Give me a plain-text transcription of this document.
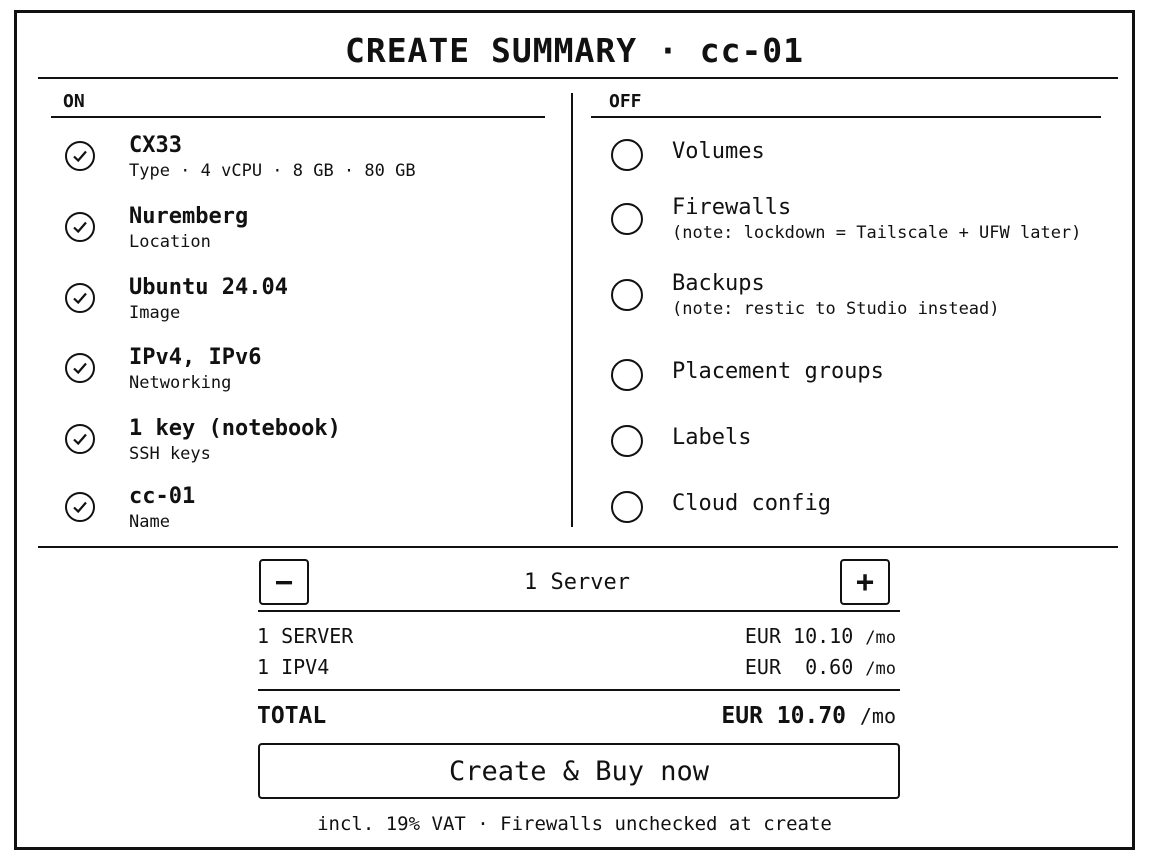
CREATE SUMMARY · cc-01
ON
CX33
Type · 4 vCPU · 8 GB · 80 GB
Nuremberg
Location
Ubuntu 24.04
Image
IPv4, IPv6
Networking
1 key (notebook)
SSH keys
cc-01
Name
OFF
Volumes
Firewalls
(note: lockdown = Tailscale + UFW later)
Backups
(note: restic to Studio instead)
Placement groups
Labels
Cloud config
−	1 Server	+
1 SERVER	EUR 10.10 /mo
1 IPV4	EUR  0.60 /mo
TOTAL	EUR 10.70 /mo
Create & Buy now
incl. 19% VAT · Firewalls unchecked at create
